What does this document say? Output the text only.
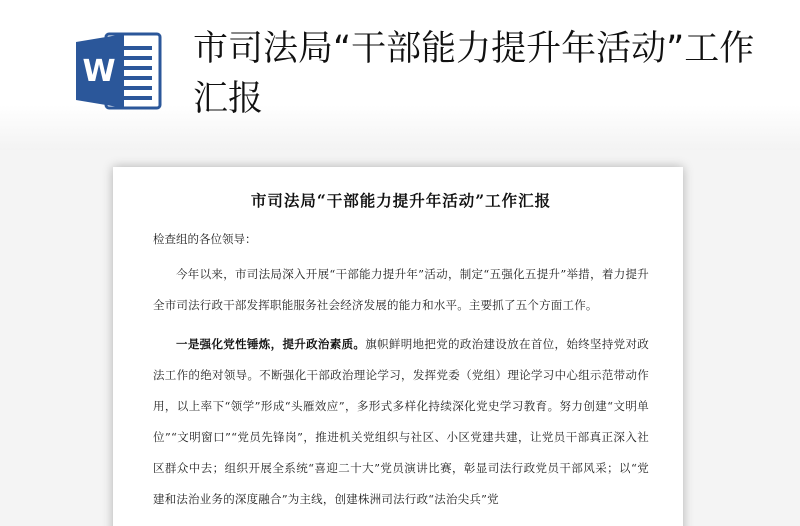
W
市司法局“干部能力提升年活动”工作汇报
市司法局“干部能力提升年活动”工作汇报
检查组的各位领导：

今年以来，市司法局深入开展“干部能力提升年”活动，制定“五强化五提升”举措，着力提升全市司法行政干部发挥职能服务社会经济发展的能力和水平。主要抓了五个方面工作。

一是强化党性锤炼，提升政治素质。旗帜鲜明地把党的政治建设放在首位，始终坚持党对政法工作的绝对领导。不断强化干部政治理论学习，发挥党委（党组）理论学习中心组示范带动作用，以上率下“领学”形成“头雁效应”，多形式多样化持续深化党史学习教育。努力创建“文明单位”“文明窗口”“党员先锋岗”，推进机关党组织与社区、小区党建共建，让党员干部真正深入社区群众中去；组织开展全系统“喜迎二十大”党员演讲比赛，彰显司法行政党员干部风采；以“党建和法治业务的深度融合”为主线，创建株洲司法行政“法治尖兵”党
